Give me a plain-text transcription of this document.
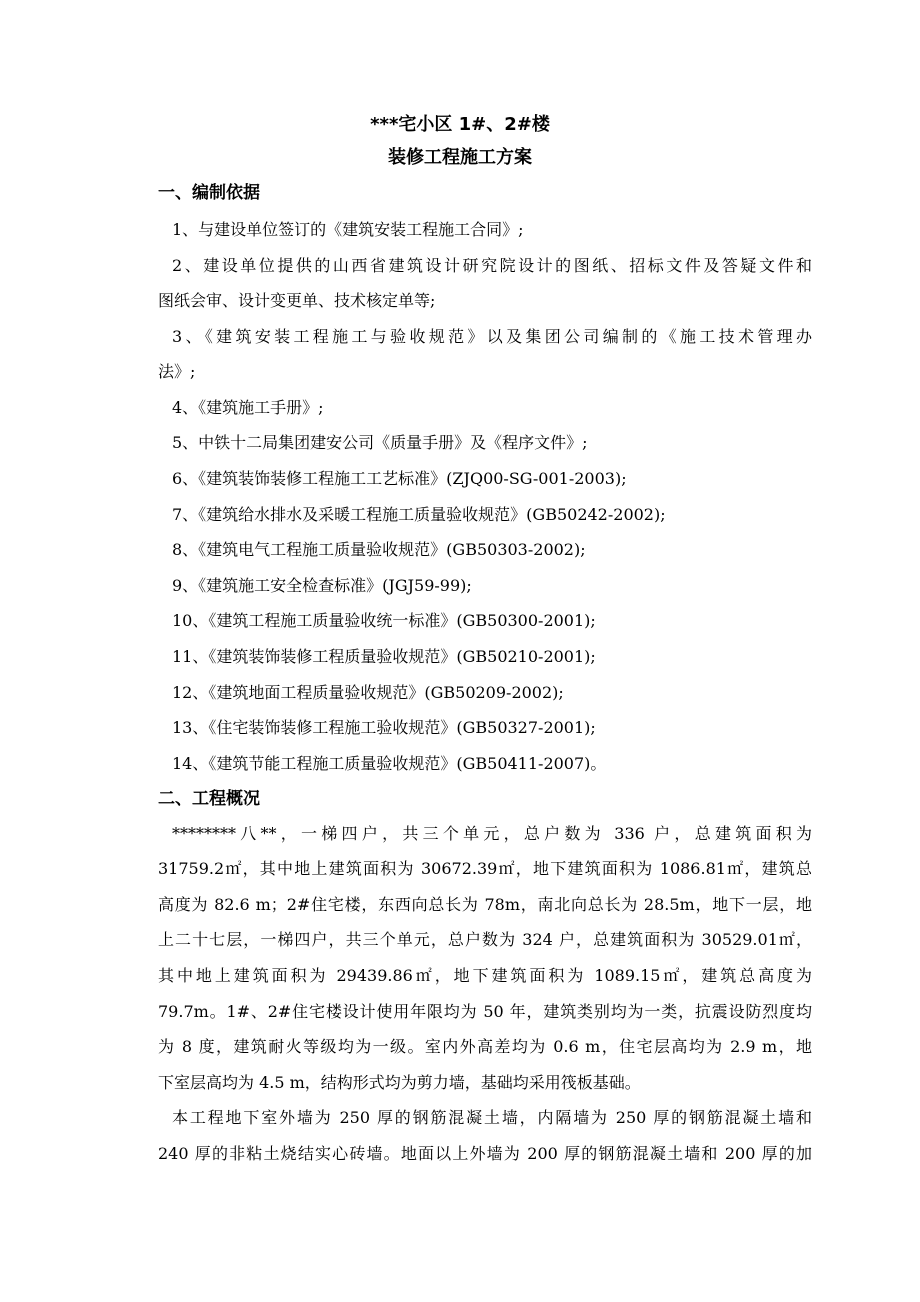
***宅小区 1#、2#楼
装修工程施工方案
一、编制依据
1、与建设单位签订的《建筑安装工程施工合同》;
2、建设单位提供的山西省建筑设计研究院设计的图纸、招标文件及答疑文件和
图纸会审、设计变更单、技术核定单等;
3、《建筑安装工程施工与验收规范》以及集团公司编制的《施工技术管理办
法》;
4、《建筑施工手册》;
5、中铁十二局集团建安公司《质量手册》及《程序文件》;
6、《建筑装饰装修工程施工工艺标准》(ZJQ00-SG-001-2003);
7、《建筑给水排水及采暖工程施工质量验收规范》(GB50242-2002);
8、《建筑电气工程施工质量验收规范》(GB50303-2002);
9、《建筑施工安全检查标准》(JGJ59-99);
10、《建筑工程施工质量验收统一标准》(GB50300-2001);
11、《建筑装饰装修工程质量验收规范》(GB50210-2001);
12、《建筑地面工程质量验收规范》(GB50209-2002);
13、《住宅装饰装修工程施工验收规范》(GB50327-2001);
14、《建筑节能工程施工质量验收规范》(GB50411-2007)。
二、工程概况
********八**，一梯四户，共三个单元，总户数为 336 户，总建筑面积为
31759.2㎡，其中地上建筑面积为 30672.39㎡，地下建筑面积为 1086.81㎡，建筑总
高度为 82.6 m；2#住宅楼，东西向总长为 78m，南北向总长为 28.5m，地下一层，地
上二十七层，一梯四户，共三个单元，总户数为 324 户，总建筑面积为 30529.01㎡，
其中地上建筑面积为 29439.86㎡，地下建筑面积为 1089.15㎡，建筑总高度为
79.7m。1#、2#住宅楼设计使用年限均为 50 年，建筑类别均为一类，抗震设防烈度均
为 8 度，建筑耐火等级均为一级。室内外高差均为 0.6 m，住宅层高均为 2.9 m，地
下室层高均为 4.5 m，结构形式均为剪力墙，基础均采用筏板基础。
本工程地下室外墙为 250 厚的钢筋混凝土墙，内隔墙为 250 厚的钢筋混凝土墙和
240 厚的非粘土烧结实心砖墙。地面以上外墙为 200 厚的钢筋混凝土墙和 200 厚的加
